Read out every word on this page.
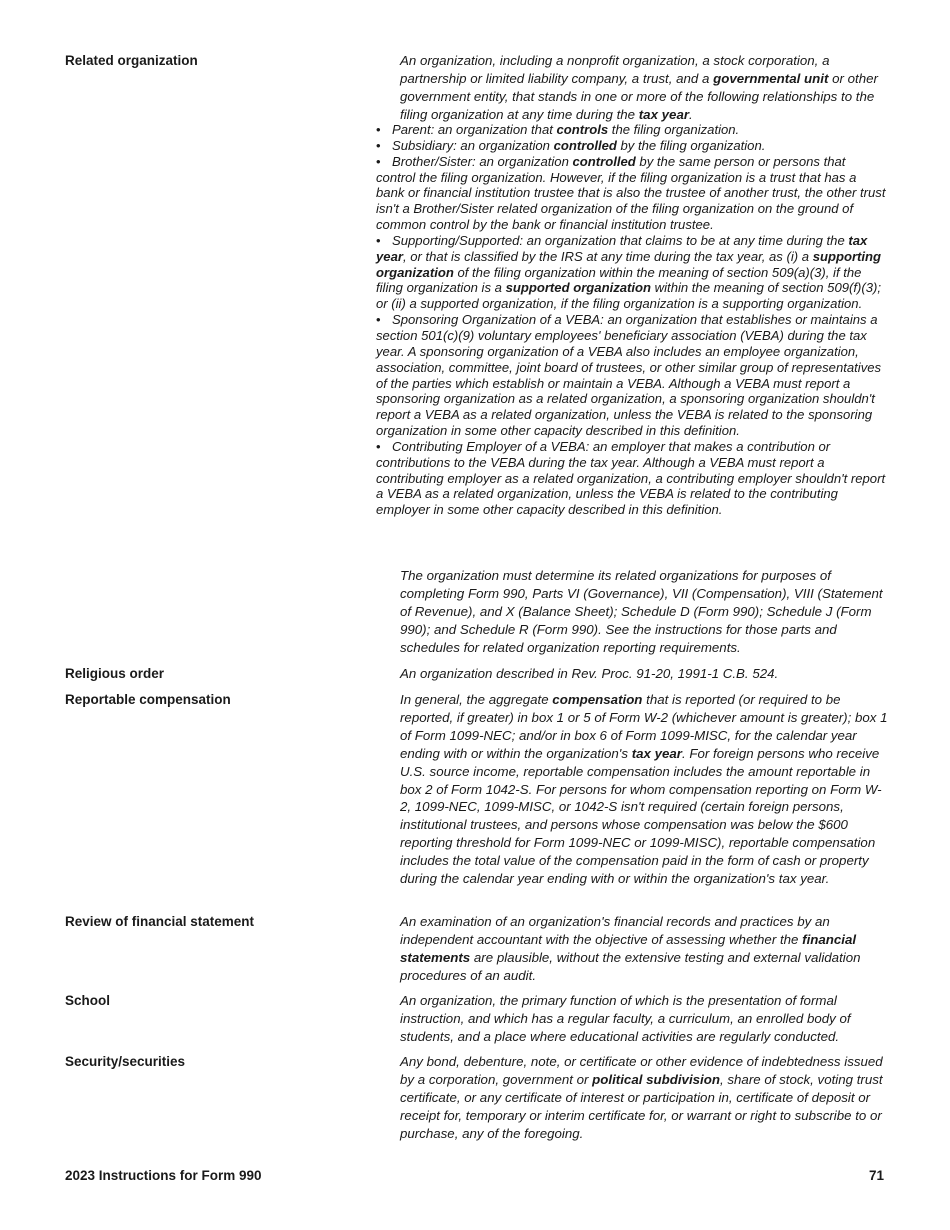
Related organization	An organization, including a nonprofit organization, a stock corporation, a partnership or limited liability company, a trust, and a governmental unit or other government entity, that stands in one or more of the following relationships to the filing organization at any time during the tax year.
• Parent: an organization that controls the filing organization.
• Subsidiary: an organization controlled by the filing organization.
• Brother/Sister: an organization controlled by the same person or persons that control the filing organization. However, if the filing organization is a trust that has a bank or financial institution trustee that is also the trustee of another trust, the other trust isn't a Brother/Sister related organization of the filing organization on the ground of common control by the bank or financial institution trustee.
• Supporting/Supported: an organization that claims to be at any time during the tax year, or that is classified by the IRS at any time during the tax year, as (i) a supporting organization of the filing organization within the meaning of section 509(a)(3), if the filing organization is a supported organization within the meaning of section 509(f)(3); or (ii) a supported organization, if the filing organization is a supporting organization.
• Sponsoring Organization of a VEBA: an organization that establishes or maintains a section 501(c)(9) voluntary employees' beneficiary association (VEBA) during the tax year. A sponsoring organization of a VEBA also includes an employee organization, association, committee, joint board of trustees, or other similar group of representatives of the parties which establish or maintain a VEBA. Although a VEBA must report a sponsoring organization as a related organization, a sponsoring organization shouldn't report a VEBA as a related organization, unless the VEBA is related to the sponsoring organization in some other capacity described in this definition.
• Contributing Employer of a VEBA: an employer that makes a contribution or contributions to the VEBA during the tax year. Although a VEBA must report a contributing employer as a related organization, a contributing employer shouldn't report a VEBA as a related organization, unless the VEBA is related to the contributing employer in some other capacity described in this definition.
The organization must determine its related organizations for purposes of completing Form 990, Parts VI (Governance), VII (Compensation), VIII (Statement of Revenue), and X (Balance Sheet); Schedule D (Form 990); Schedule J (Form 990); and Schedule R (Form 990). See the instructions for those parts and schedules for related organization reporting requirements.
Religious order	An organization described in Rev. Proc. 91-20, 1991-1 C.B. 524.
Reportable compensation	In general, the aggregate compensation that is reported (or required to be reported, if greater) in box 1 or 5 of Form W-2 (whichever amount is greater); box 1 of Form 1099-NEC; and/or in box 6 of Form 1099-MISC, for the calendar year ending with or within the organization's tax year. For foreign persons who receive U.S. source income, reportable compensation includes the amount reportable in box 2 of Form 1042-S. For persons for whom compensation reporting on Form W-2, 1099-NEC, 1099-MISC, or 1042-S isn't required (certain foreign persons, institutional trustees, and persons whose compensation was below the $600 reporting threshold for Form 1099-NEC or 1099-MISC), reportable compensation includes the total value of the compensation paid in the form of cash or property during the calendar year ending with or within the organization's tax year.
Review of financial statement	An examination of an organization's financial records and practices by an independent accountant with the objective of assessing whether the financial statements are plausible, without the extensive testing and external validation procedures of an audit.
School	An organization, the primary function of which is the presentation of formal instruction, and which has a regular faculty, a curriculum, an enrolled body of students, and a place where educational activities are regularly conducted.
Security/securities	Any bond, debenture, note, or certificate or other evidence of indebtedness issued by a corporation, government or political subdivision, share of stock, voting trust certificate, or any certificate of interest or participation in, certificate of deposit or receipt for, temporary or interim certificate for, or warrant or right to subscribe to or purchase, any of the foregoing.
2023 Instructions for Form 990	71
